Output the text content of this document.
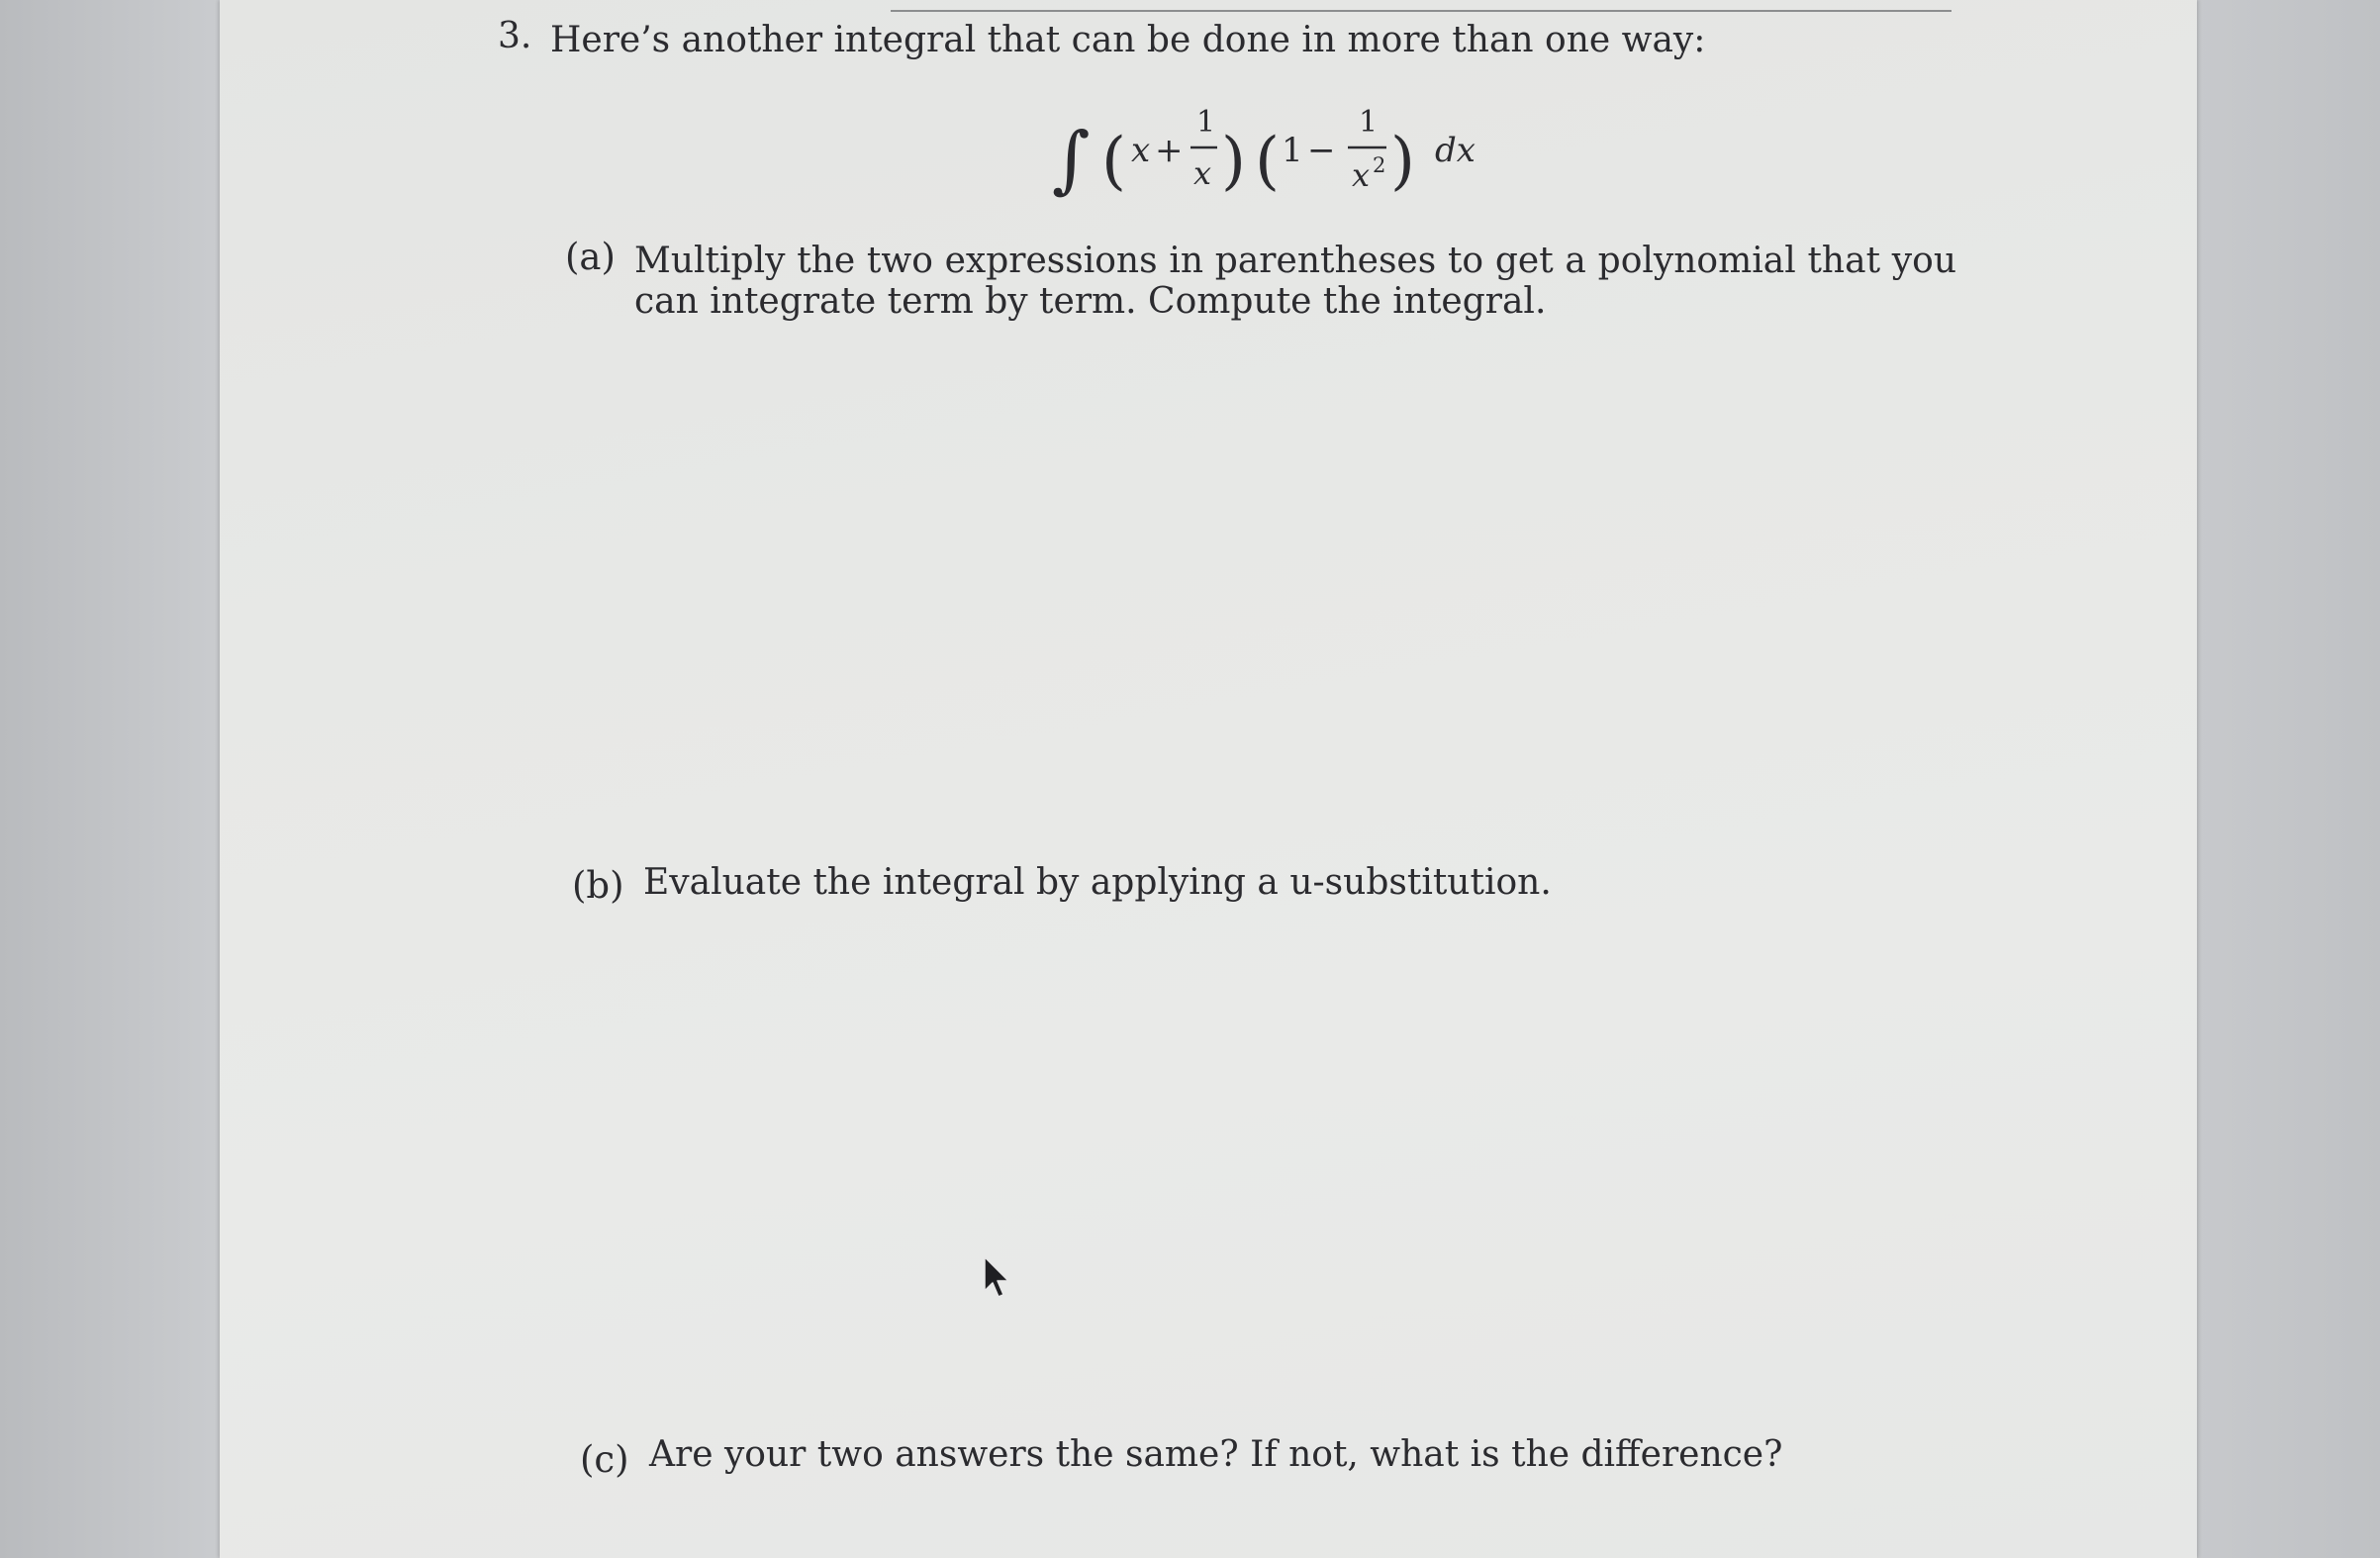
3. Here’s another integral that can be done in more than one way:
∫ ( x +
1
x ) ( 1 −
1
x 2 ) dx
(a) Multiply the two expressions in parentheses to get a polynomial that you can integrate term by term. Compute the integral.
(b) Evaluate the integral by applying a u-substitution.
(c) Are your two answers the same? If not, what is the difference?
